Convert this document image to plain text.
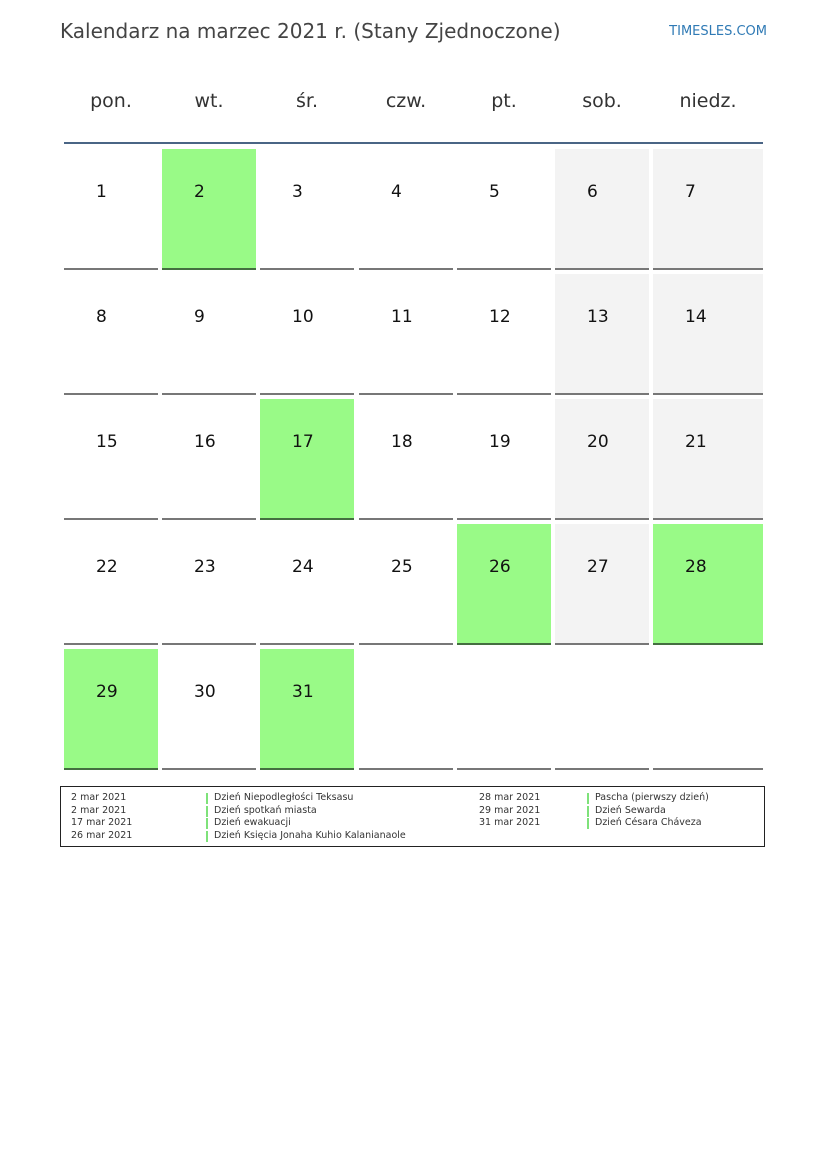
Kalendarz na marzec 2021 r. (Stany Zjednoczone)	TIMESLES.COM
pon.	wt.	śr.	czw.	pt.	sob.	niedz.
1	2	3	4	5	6	7
8	9	10	11	12	13	14
15	16	17	18	19	20	21
22	23	24	25	26	27	28
29	30	31
2 mar 2021	Dzień Niepodległości Teksasu
2 mar 2021	Dzień spotkań miasta
17 mar 2021	Dzień ewakuacji
26 mar 2021	Dzień Księcia Jonaha Kuhio Kalanianaole
28 mar 2021	Pascha (pierwszy dzień)
29 mar 2021	Dzień Sewarda
31 mar 2021	Dzień Césara Cháveza
